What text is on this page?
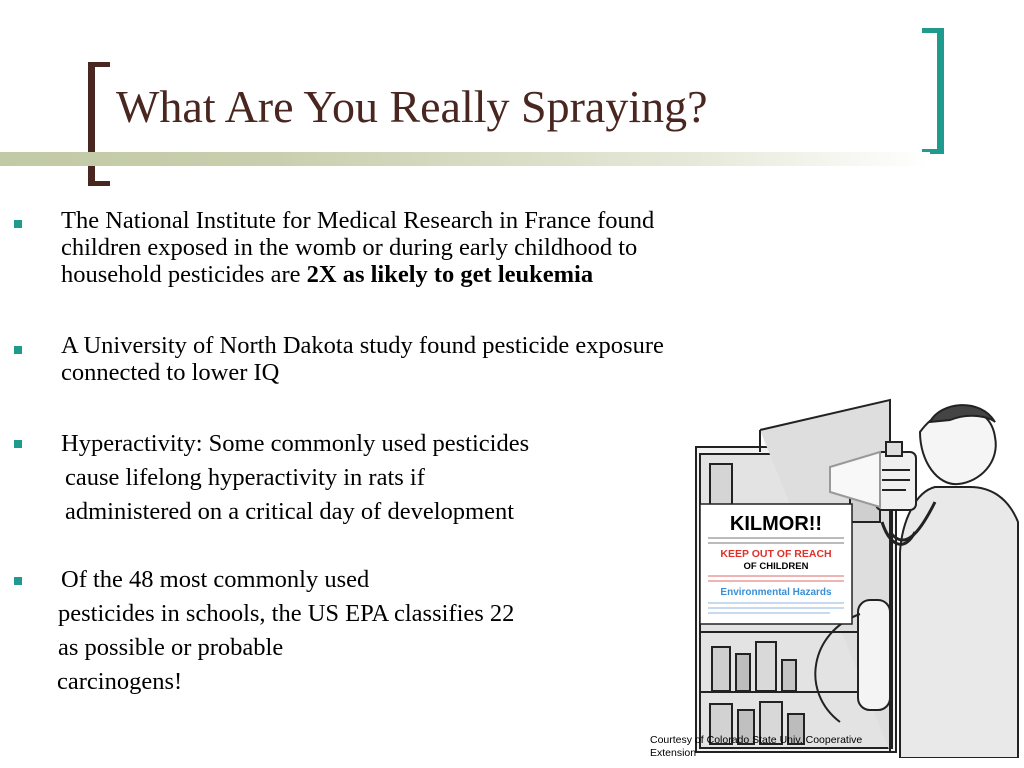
What Are You Really Spraying?
The National Institute for Medical Research in France found
children exposed in the womb or during early childhood to
household pesticides are 2X as likely to get leukemia
A University of North Dakota study found pesticide exposure
connected to lower IQ
Hyperactivity: Some commonly used pesticides
cause lifelong hyperactivity in rats if
administered on a critical day of development
Of the 48 most commonly used
pesticides in schools, the US EPA classifies 22
as possible or probable
carcinogens!
KILMOR!!
KEEP OUT OF REACH
OF CHILDREN
Environmental Hazards
Courtesy of Colorado State Univ. Cooperative
Extension
